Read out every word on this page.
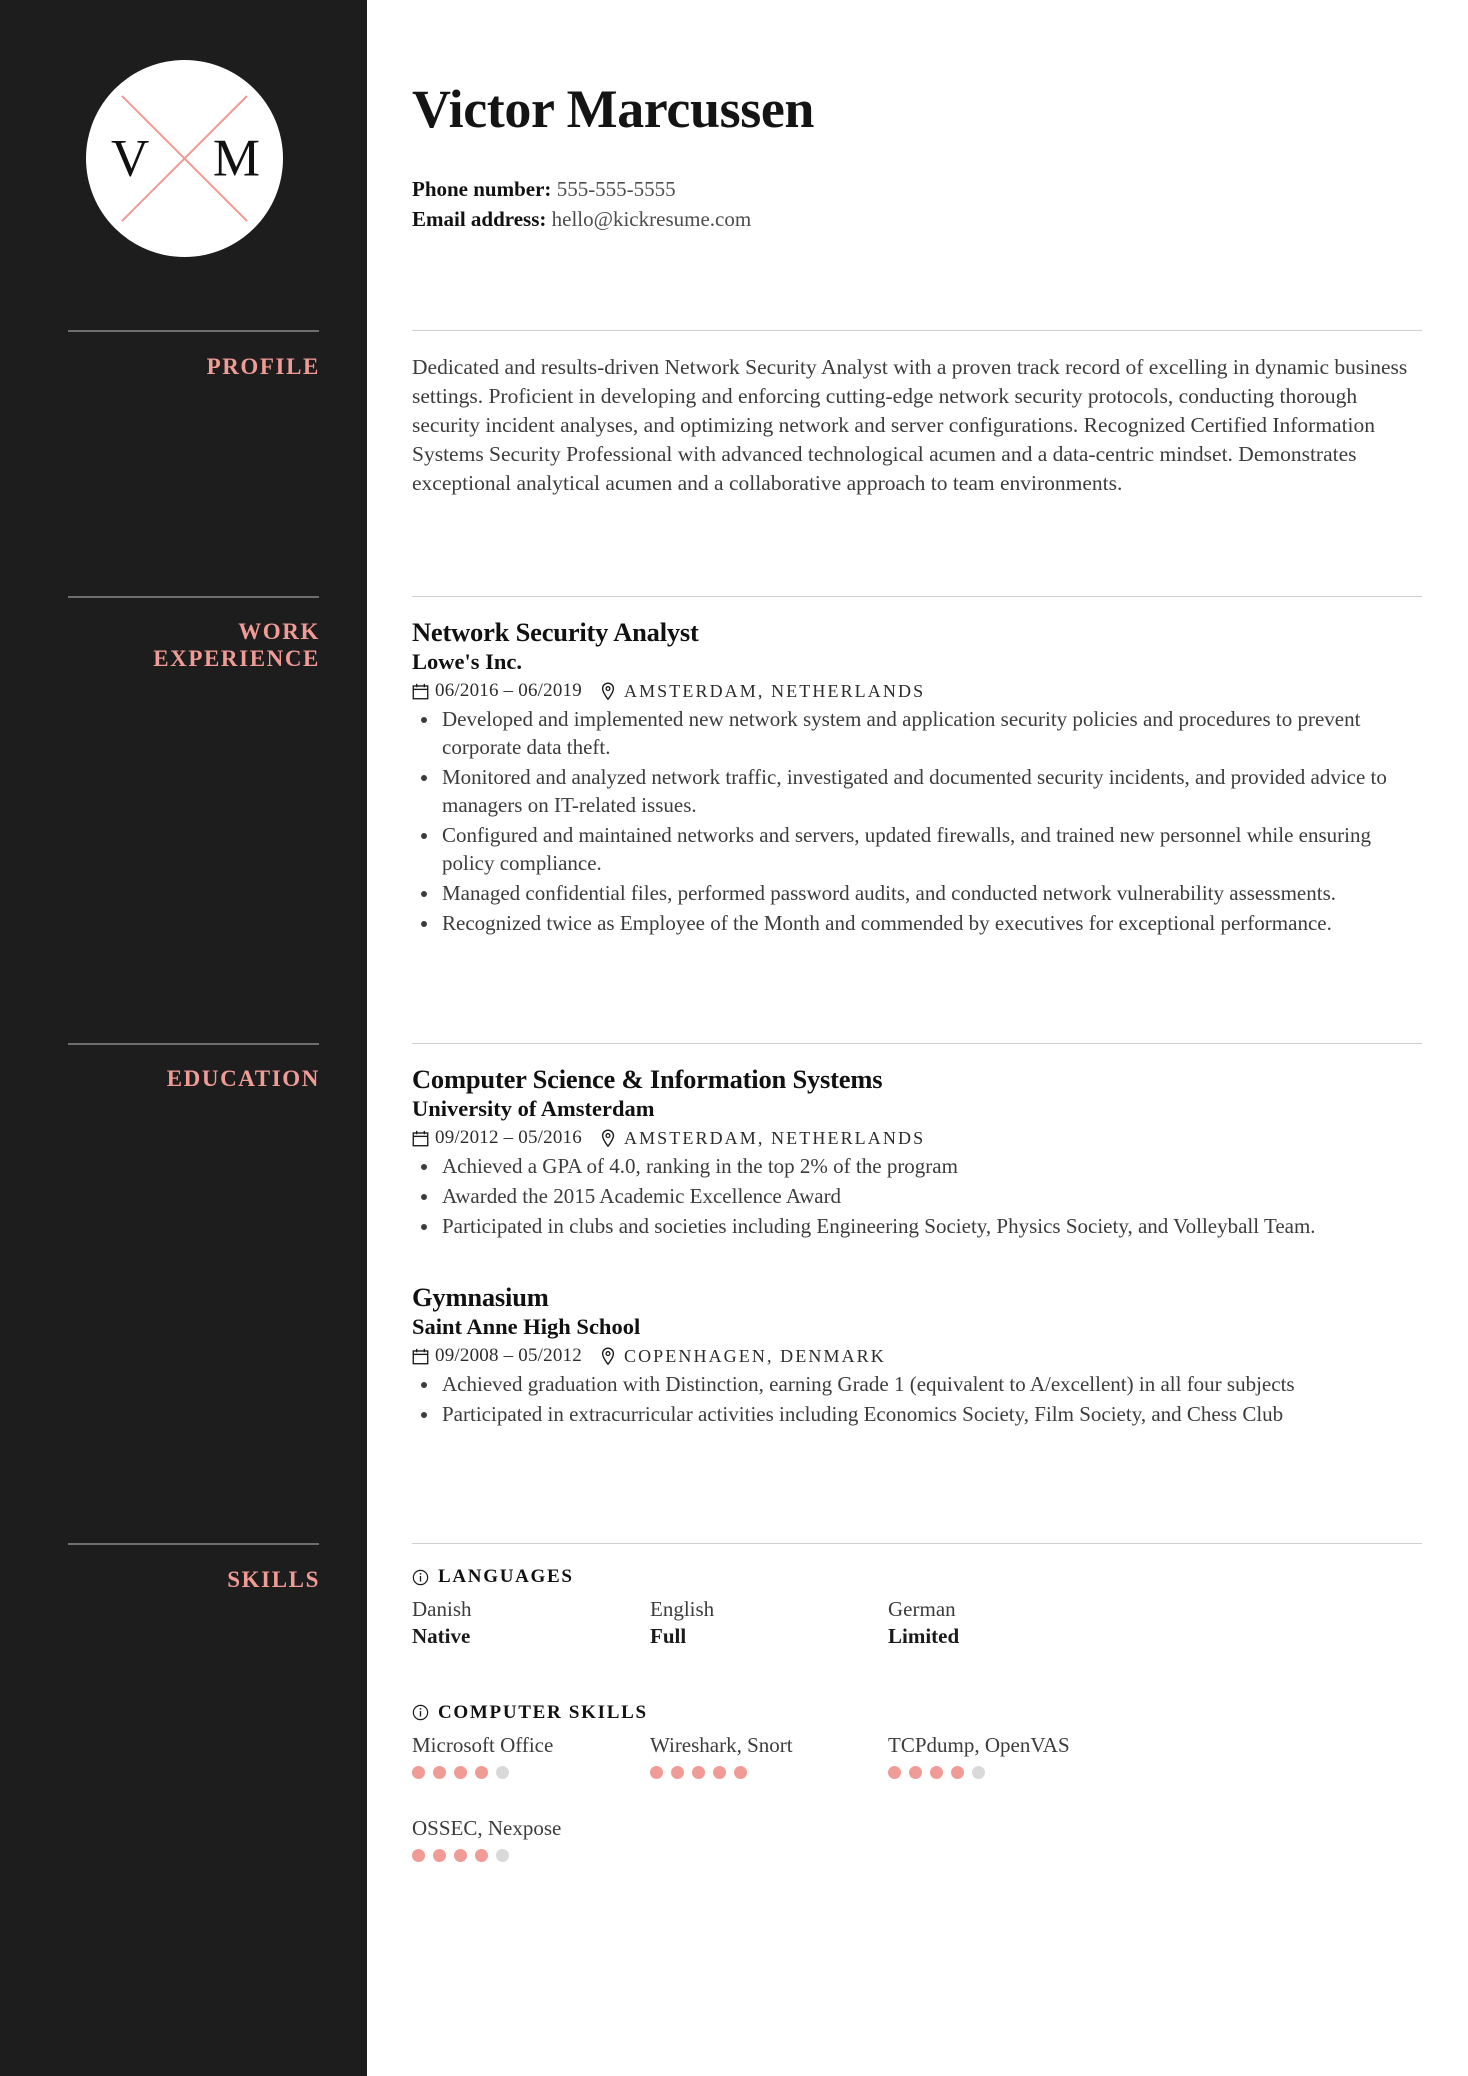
V M
PROFILE
WORK
EXPERIENCE
EDUCATION
SKILLS
Victor Marcussen
Phone number: 555-555-5555
Email address: hello@kickresume.com
Dedicated and results-driven Network Security Analyst with a proven track record of excelling in dynamic business settings. Proficient in developing and enforcing cutting-edge network security protocols, conducting thorough security incident analyses, and optimizing network and server configurations. Recognized Certified Information Systems Security Professional with advanced technological acumen and a data-centric mindset. Demonstrates exceptional analytical acumen and a collaborative approach to team environments.
Network Security Analyst
Lowe's Inc.
06/2016 – 06/2019 AMSTERDAM, NETHERLANDS
Developed and implemented new network system and application security policies and procedures to prevent corporate data theft.
Monitored and analyzed network traffic, investigated and documented security incidents, and provided advice to managers on IT-related issues.
Configured and maintained networks and servers, updated firewalls, and trained new personnel while ensuring policy compliance.
Managed confidential files, performed password audits, and conducted network vulnerability assessments.
Recognized twice as Employee of the Month and commended by executives for exceptional performance.
Computer Science & Information Systems
University of Amsterdam
09/2012 – 05/2016 AMSTERDAM, NETHERLANDS
Achieved a GPA of 4.0, ranking in the top 2% of the program
Awarded the 2015 Academic Excellence Award
Participated in clubs and societies including Engineering Society, Physics Society, and Volleyball Team.
Gymnasium
Saint Anne High School
09/2008 – 05/2012 COPENHAGEN, DENMARK
Achieved graduation with Distinction, earning Grade 1 (equivalent to A/excellent) in all four subjects
Participated in extracurricular activities including Economics Society, Film Society, and Chess Club
LANGUAGES
Danish
Native
English
Full
German
Limited
COMPUTER SKILLS
Microsoft Office	Wireshark, Snort	TCPdump, OpenVAS
OSSEC, Nexpose
